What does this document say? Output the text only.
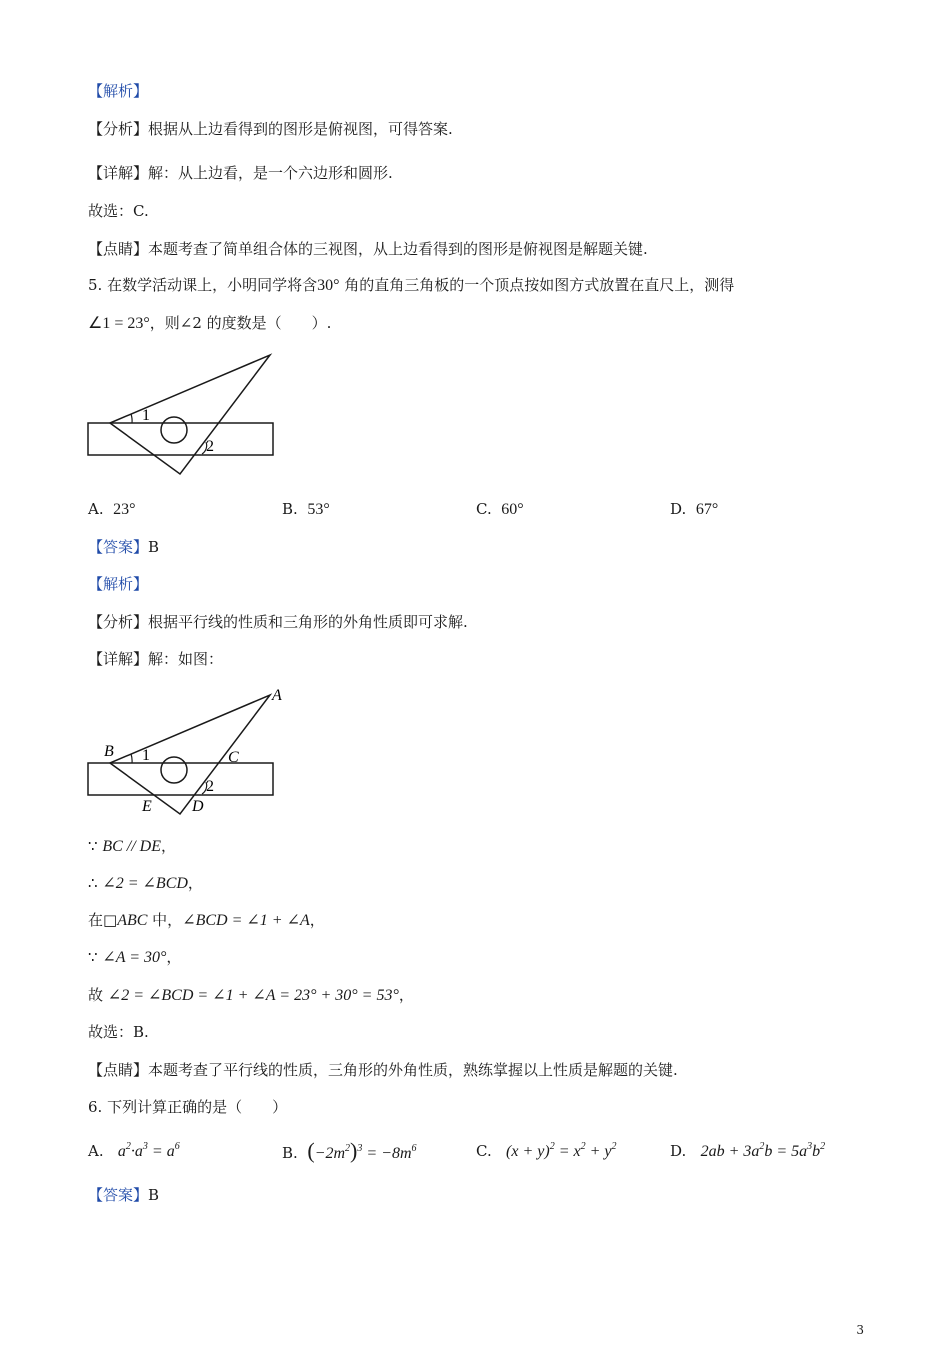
【解析】
【分析】根据从上边看得到的图形是俯视图，可得答案.
【详解】解：从上边看，是一个六边形和圆形.
故选：C.
【点睛】本题考查了简单组合体的三视图，从上边看得到的图形是俯视图是解题关键.
5. 在数学活动课上，小明同学将含30° 角的直角三角板的一个顶点按如图方式放置在直尺上，测得
∠1 = 23°，则∠2 的度数是（　　）.
1
2
A. 23°	B. 53°	C. 60°	D. 67°
【答案】B
【解析】
【分析】根据平行线的性质和三角形的外角性质即可求解.
【详解】解：如图：
1
2
A
B	C
D
E
∵ BC // DE，
∴ ∠2 = ∠BCD，
在□ABC 中，∠BCD = ∠1 + ∠A，
∵ ∠A = 30°，
故 ∠2 = ∠BCD = ∠1 + ∠A = 23° + 30° = 53°，
故选：B.
【点睛】本题考查了平行线的性质，三角形的外角性质，熟练掌握以上性质是解题的关键.
6. 下列计算正确的是（　　）
A. $a^2\cdot a^3 = a^6$	B. $(-2m^2)^3 = -8m^6$	C. $(x + y)^2 = x^2 + y^2$	D. $2ab + 3a^2b = 5a^3b^2$
【答案】B
3
